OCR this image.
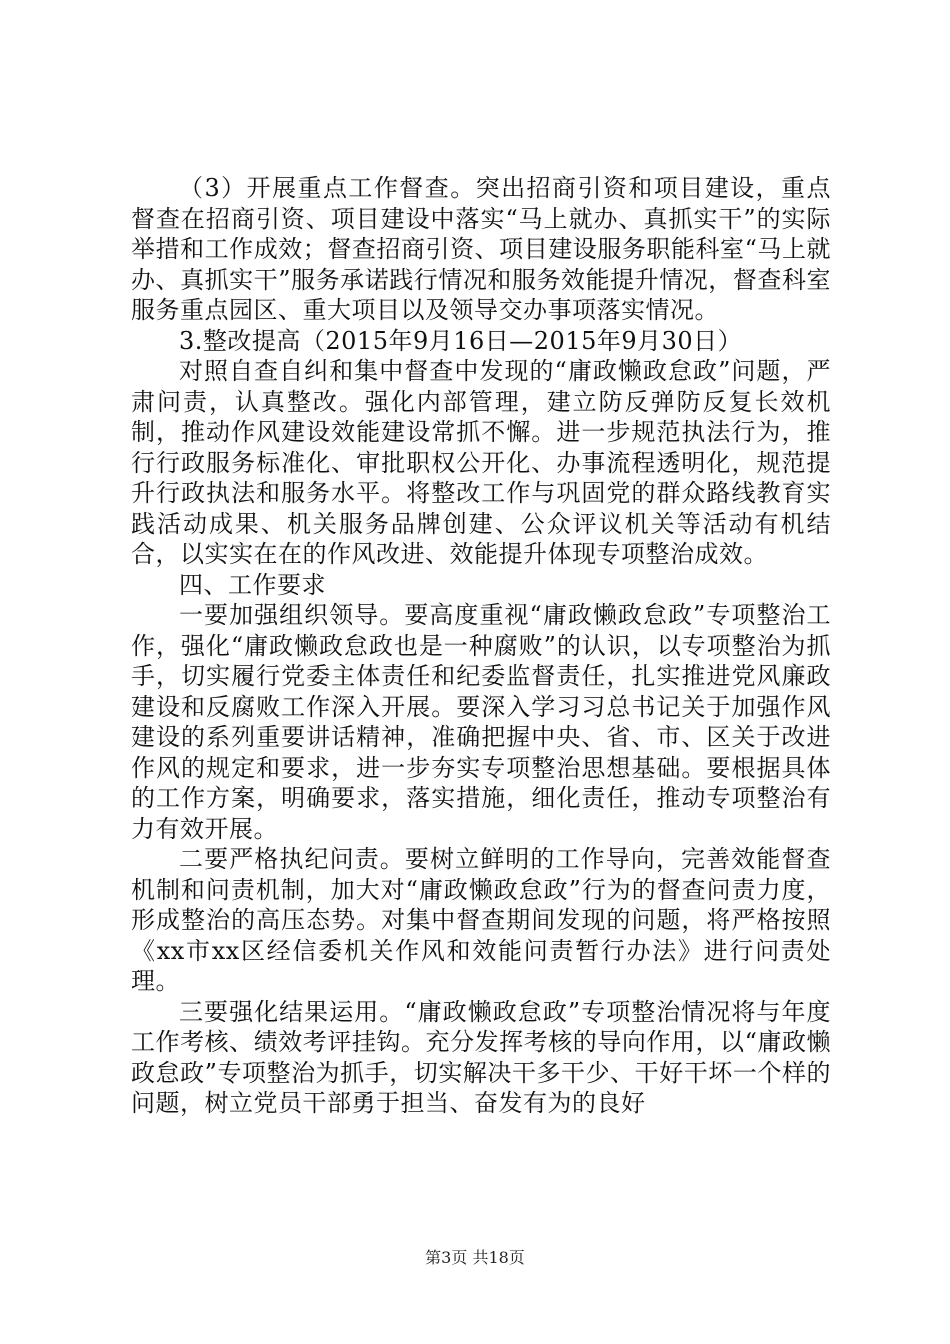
（3）开展重点工作督查。突出招商引资和项目建设，重点督查在招商引资、项目建设中落实“马上就办、真抓实干”的实际举措和工作成效；督查招商引资、项目建设服务职能科室“马上就办、真抓实干”服务承诺践行情况和服务效能提升情况，督查科室服务重点园区、重大项目以及领导交办事项落实情况。

3.整改提高（2015年9月16日—2015年9月30日）

对照自查自纠和集中督查中发现的“庸政懒政怠政”问题，严肃问责，认真整改。强化内部管理，建立防反弹防反复长效机制，推动作风建设效能建设常抓不懈。进一步规范执法行为，推行行政服务标准化、审批职权公开化、办事流程透明化，规范提升行政执法和服务水平。将整改工作与巩固党的群众路线教育实践活动成果、机关服务品牌创建、公众评议机关等活动有机结合，以实实在在的作风改进、效能提升体现专项整治成效。

四、工作要求

一要加强组织领导。要高度重视“庸政懒政怠政”专项整治工作，强化“庸政懒政怠政也是一种腐败”的认识，以专项整治为抓手，切实履行党委主体责任和纪委监督责任，扎实推进党风廉政建设和反腐败工作深入开展。要深入学习习总书记关于加强作风建设的系列重要讲话精神，准确把握中央、省、市、区关于改进作风的规定和要求，进一步夯实专项整治思想基础。要根据具体的工作方案，明确要求，落实措施，细化责任，推动专项整治有力有效开展。

二要严格执纪问责。要树立鲜明的工作导向，完善效能督查机制和问责机制，加大对“庸政懒政怠政”行为的督查问责力度，形成整治的高压态势。对集中督查期间发现的问题，将严格按照《xx市xx区经信委机关作风和效能问责暂行办法》进行问责处理。

三要强化结果运用。“庸政懒政怠政”专项整治情况将与年度工作考核、绩效考评挂钩。充分发挥考核的导向作用，以“庸政懒政怠政”专项整治为抓手，切实解决干多干少、干好干坏一个样的问题，树立党员干部勇于担当、奋发有为的良好

第3页 共18页
